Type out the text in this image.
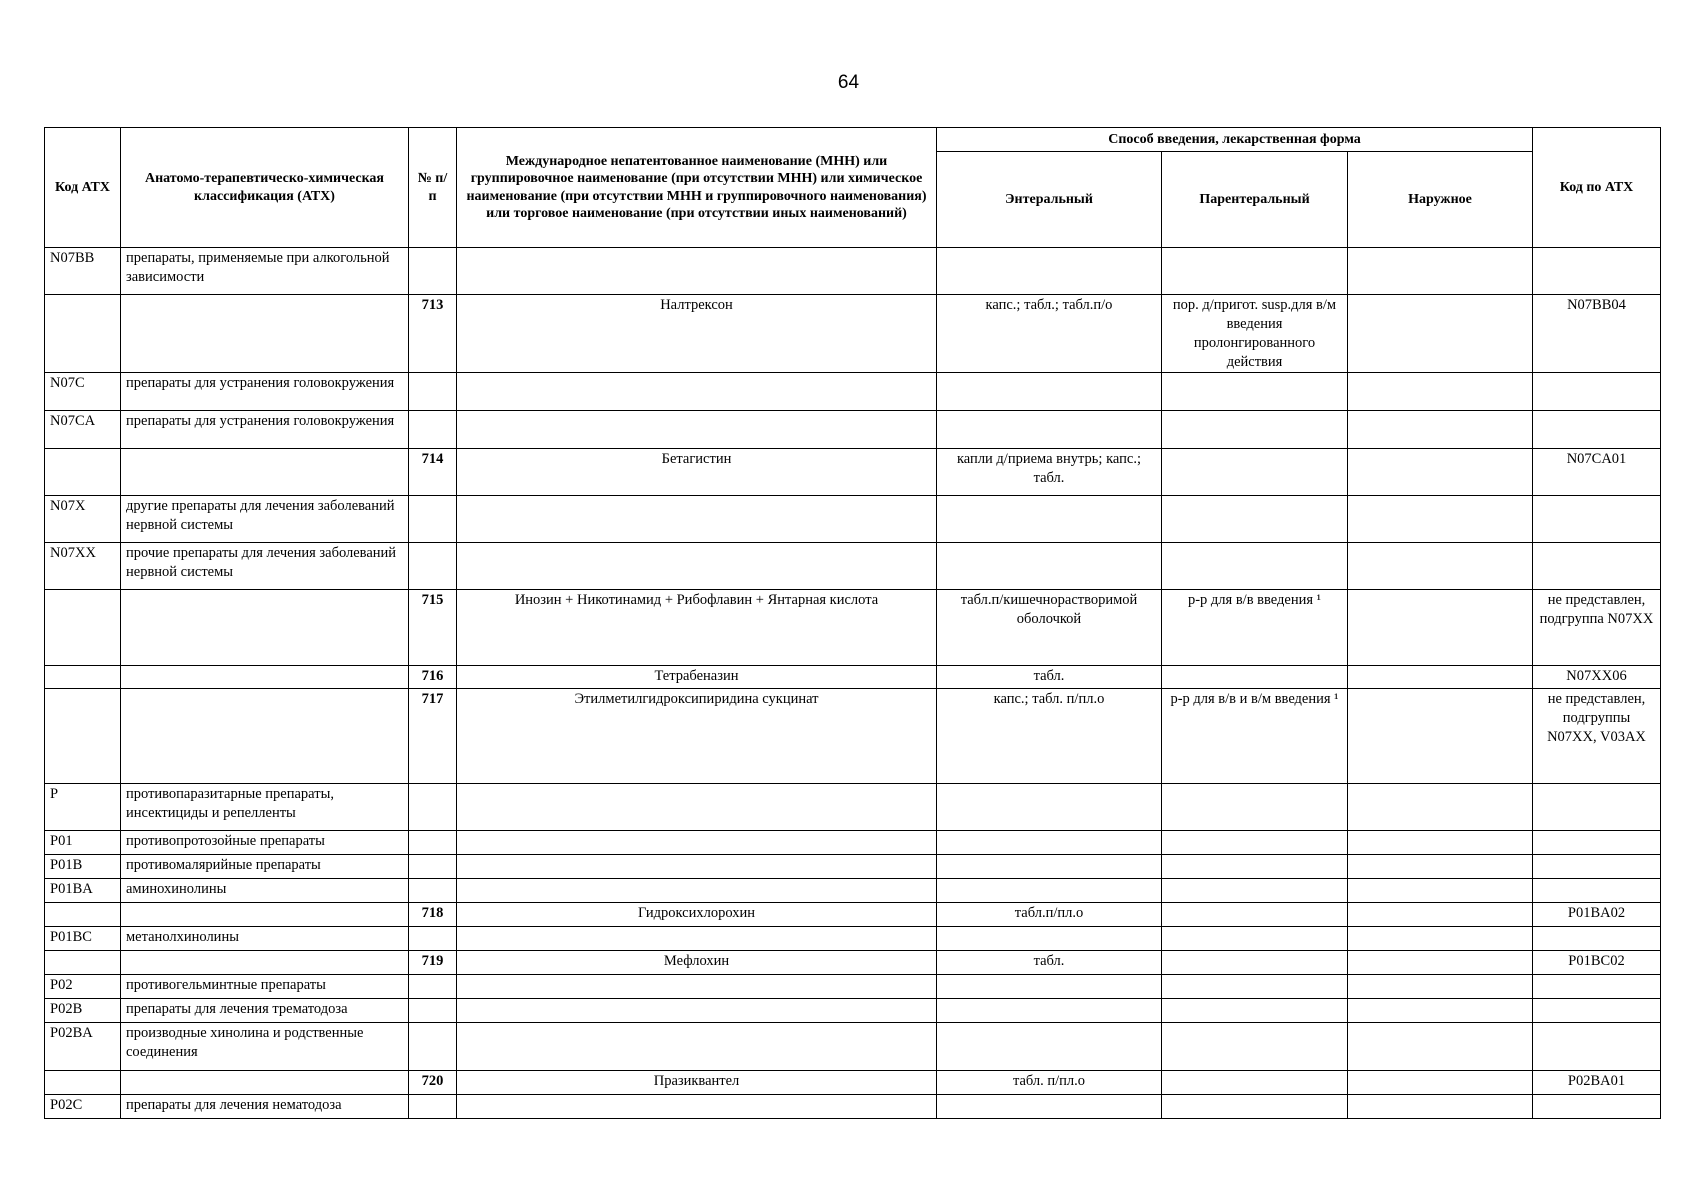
64
Код АТХ	Анатомо-терапевтическо-химическая классификация (АТХ)	№ п/п	Международное непатентованное наименование (МНН) или группировочное наименование (при отсутствии МНН) или химическое наименование (при отсутствии МНН и группировочного наименования) или торговое наименование (при отсутствии иных наименований)	Способ введения, лекарственная форма			Код по АТХ
				Энтеральный	Парентеральный	Наружное	
N07BB	препараты, применяемые при алкогольной зависимости						
		713	Налтрексон	капс.; табл.; табл.п/о	пор. д/пригот. susp.для в/м введения пролонгированного действия		N07BB04
N07C	препараты для устранения головокружения						
N07CA	препараты для устранения головокружения						
		714	Бетагистин	капли д/приема внутрь; капс.; табл.			N07CA01
N07X	другие препараты для лечения заболеваний нервной системы						
N07XX	прочие препараты для лечения заболеваний нервной системы						
		715	Инозин + Никотинамид + Рибофлавин + Янтарная кислота	табл.п/кишечнорастворимой оболочкой	р-р для в/в введения ¹		не представлен, подгруппа N07XX
		716	Тетрабеназин	табл.			N07XX06
		717	Этилметилгидроксипиридина сукцинат	капс.; табл. п/пл.о	р-р для в/в и в/м введения ¹		не представлен, подгруппы N07XX, V03AX
P	противопаразитарные препараты, инсектициды и репелленты						
P01	противопротозойные препараты						
P01B	противомалярийные препараты						
P01BA	аминохинолины						
		718	Гидроксихлорохин	табл.п/пл.о			P01BA02
P01BC	метанолхинолины						
		719	Мефлохин	табл.			P01BC02
P02	противогельминтные препараты						
P02B	препараты для лечения трематодоза						
P02BA	производные хинолина и родственные соединения						
		720	Празиквантел	табл. п/пл.о			P02BA01
P02C	препараты для лечения нематодоза						
